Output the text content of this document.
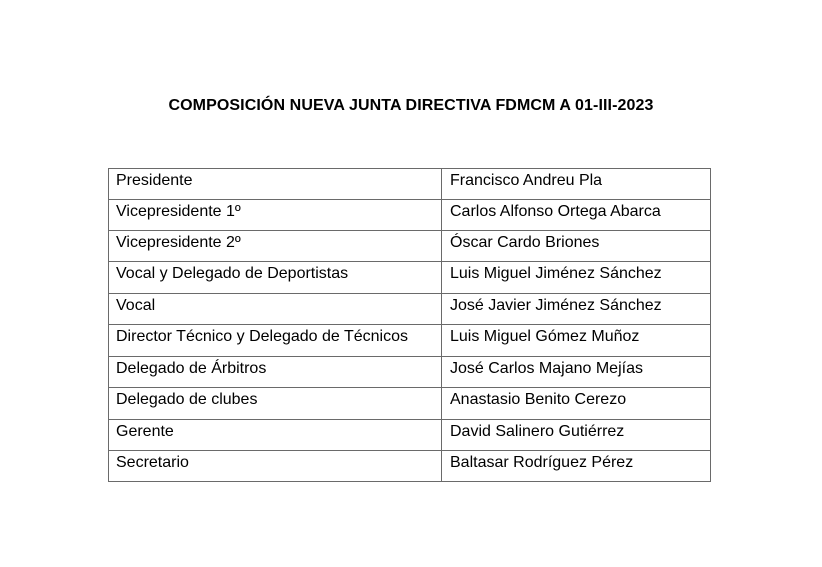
COMPOSICIÓN NUEVA JUNTA DIRECTIVA FDMCM A 01-III-2023
Presidente	Francisco Andreu Pla
Vicepresidente 1º	Carlos Alfonso Ortega Abarca
Vicepresidente 2º	Óscar Cardo Briones
Vocal y Delegado de Deportistas	Luis Miguel Jiménez Sánchez
Vocal	José Javier Jiménez Sánchez
Director Técnico y Delegado de Técnicos	Luis Miguel Gómez Muñoz
Delegado de Árbitros	José Carlos Majano Mejías
Delegado de clubes	Anastasio Benito Cerezo
Gerente	David Salinero Gutiérrez
Secretario	Baltasar Rodríguez Pérez
